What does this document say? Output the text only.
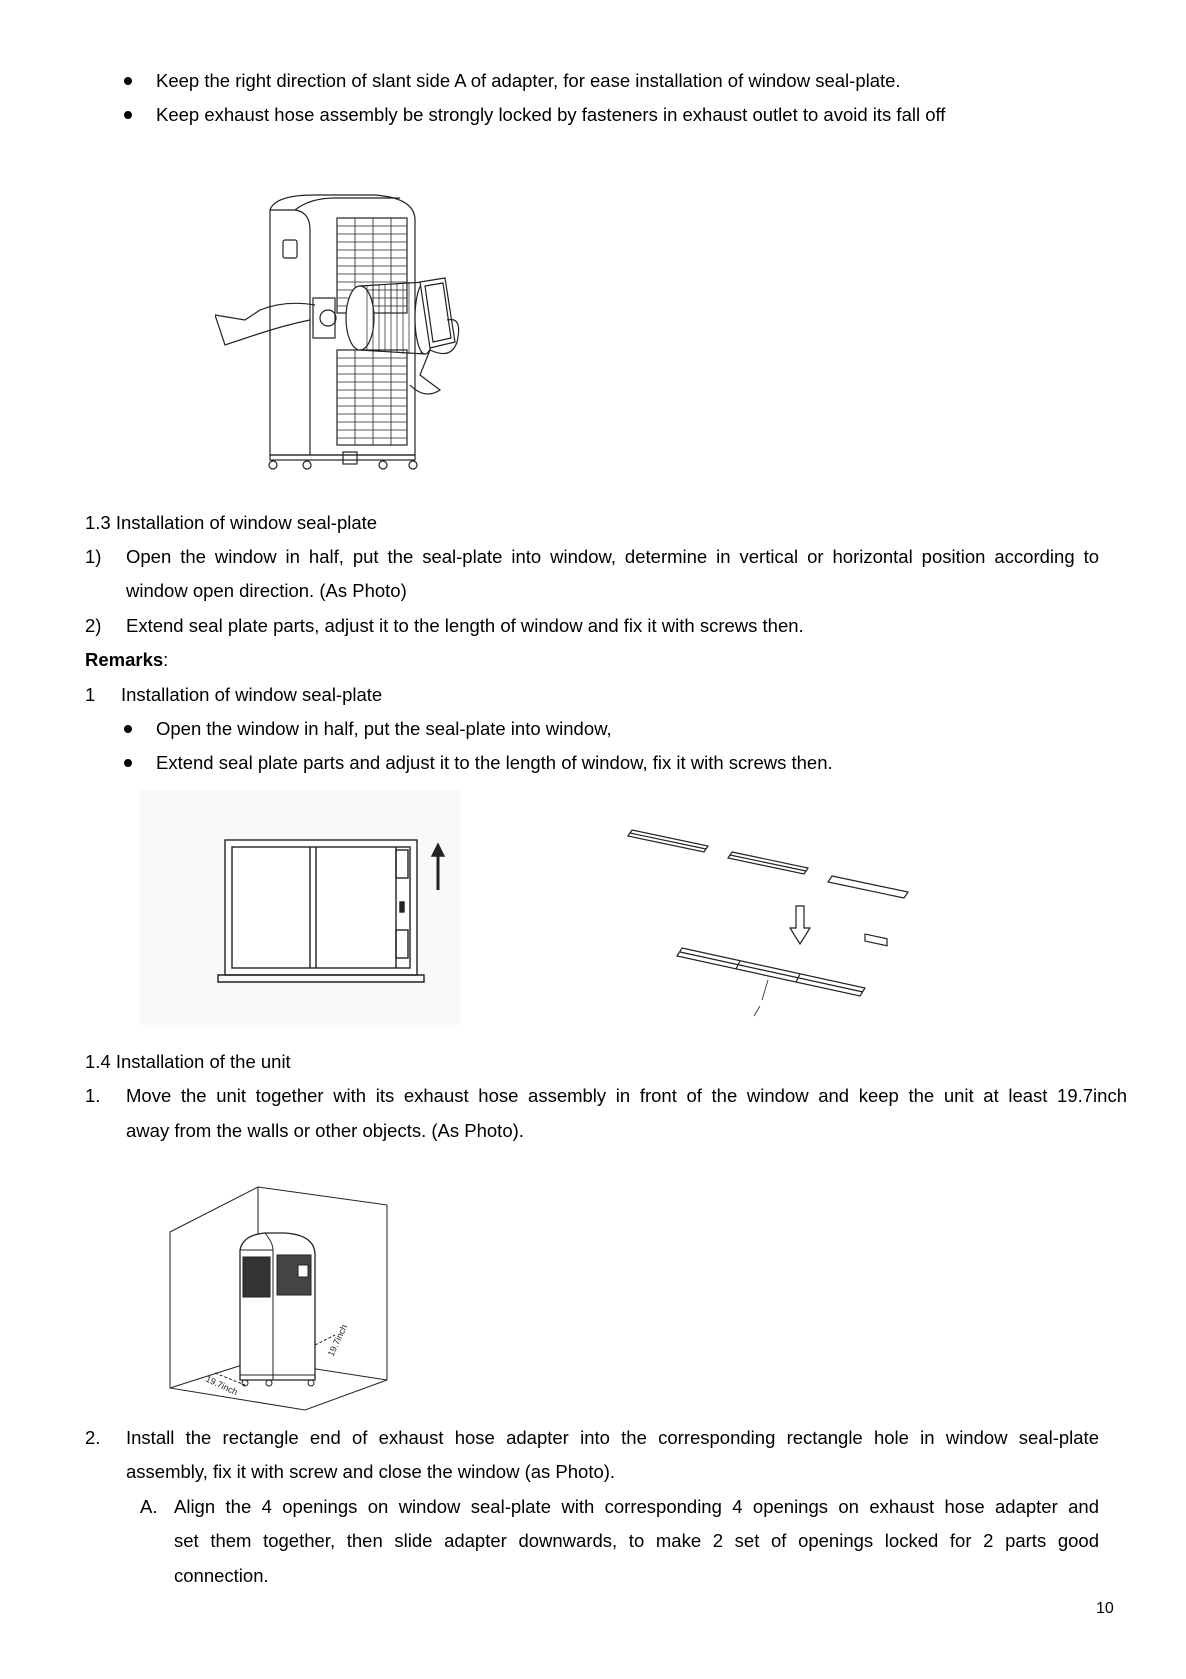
Keep the right direction of slant side A of adapter, for ease installation of window seal-plate.
Keep exhaust hose assembly be strongly locked by fasteners in exhaust outlet to avoid its fall off
1.3 Installation of window seal-plate
1) Open the window in half, put the seal-plate into window, determine in vertical or horizontal position according to
window open direction. (As Photo)
2) Extend seal plate parts, adjust it to the length of window and fix it with screws then.
Remarks:
1 Installation of window seal-plate
Open the window in half, put the seal-plate into window,
Extend seal plate parts and adjust it to the length of window, fix it with screws then.
1.4 Installation of the unit
1. Move the unit together with its exhaust hose assembly in front of the window and keep the unit at least 19.7inch
away from the walls or other objects. (As Photo).
19.7inch
19.7inch
2. Install the rectangle end of exhaust hose adapter into the corresponding rectangle hole in window seal-plate
assembly, fix it with screw and close the window (as Photo).
A. Align the 4 openings on window seal-plate with corresponding 4 openings on exhaust hose adapter and
set them together, then slide adapter downwards, to make 2 set of openings locked for 2 parts good
connection.
10
